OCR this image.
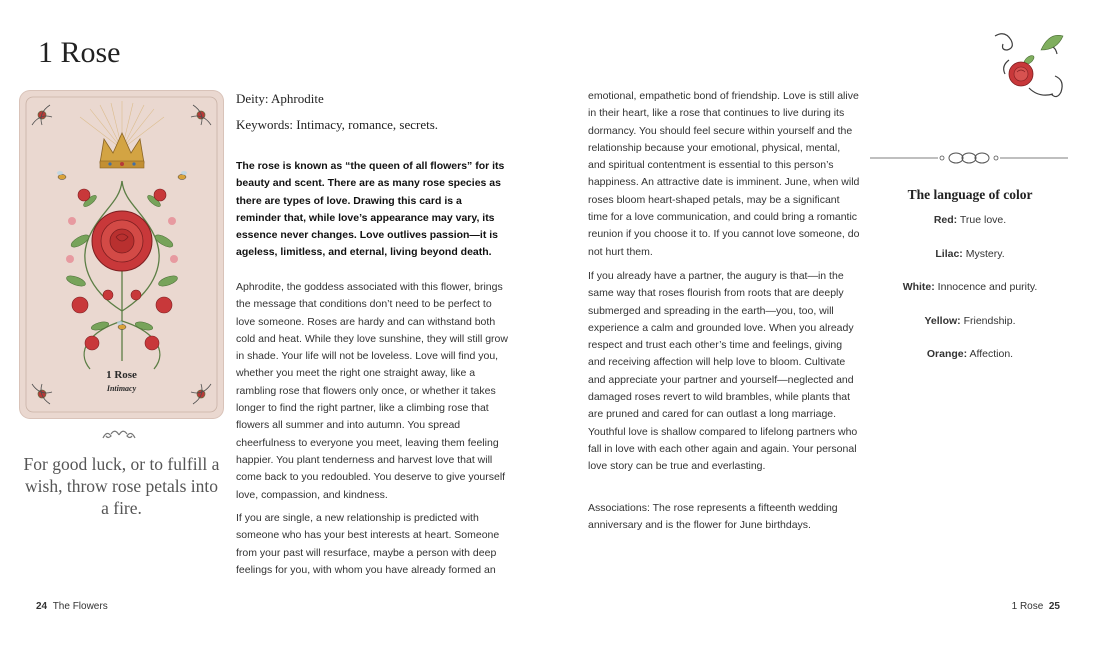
1 Rose
1 Rose
Intimacy
For good luck, or to fulfill a wish, throw rose petals into a fire.
Deity: Aphrodite
Keywords: Intimacy, romance, secrets.

The rose is known as “the queen of all flowers” for its beauty and scent. There are as many rose species as there are types of love. Drawing this card is a reminder that, while love’s appearance may vary, its essence never changes. Love outlives passion—it is ageless, limitless, and eternal, living beyond death.

Aphrodite, the goddess associated with this flower, brings the message that conditions don’t need to be perfect to love someone. Roses are hardy and can withstand both cold and heat. While they love sunshine, they will still grow in shade. Your life will not be loveless. Love will find you, whether you meet the right one straight away, like a rambling rose that flowers only once, or whether it takes longer to find the right partner, like a climbing rose that flowers all summer and into autumn. You spread cheerfulness to everyone you meet, leaving them feeling happier. You plant tenderness and harvest love that will come back to you redoubled. You deserve to give yourself love, compassion, and kindness.

If you are single, a new relationship is predicted with someone who has your best interests at heart. Someone from your past will resurface, maybe a person with deep feelings for you, with whom you have already formed an

emotional, empathetic bond of friendship. Love is still alive in their heart, like a rose that continues to live during its dormancy. You should feel secure within yourself and the relationship because your emotional, physical, mental, and spiritual contentment is essential to this person’s happiness. An attractive date is imminent. June, when wild roses bloom heart-shaped petals, may be a significant time for a love communication, and could bring a romantic reunion if you choose it to. If you cannot love someone, do not hurt them.

If you already have a partner, the augury is that—in the same way that roses flourish from roots that are deeply submerged and spreading in the earth—you, too, will experience a calm and grounded love. When you already respect and trust each other’s time and feelings, giving and receiving affection will help love to bloom. Cultivate and appreciate your partner and yourself—neglected and damaged roses revert to wild brambles, while plants that are pruned and cared for can outlast a long marriage. Youthful love is shallow compared to lifelong partners who fall in love with each other again and again. Your personal love story can be true and everlasting.

Associations: The rose represents a fifteenth wedding anniversary and is the flower for June birthdays.

The language of color
Red: True love.
Lilac: Mystery.
White: Innocence and purity.
Yellow: Friendship.
Orange: Affection.
24 The Flowers	1 Rose 25
